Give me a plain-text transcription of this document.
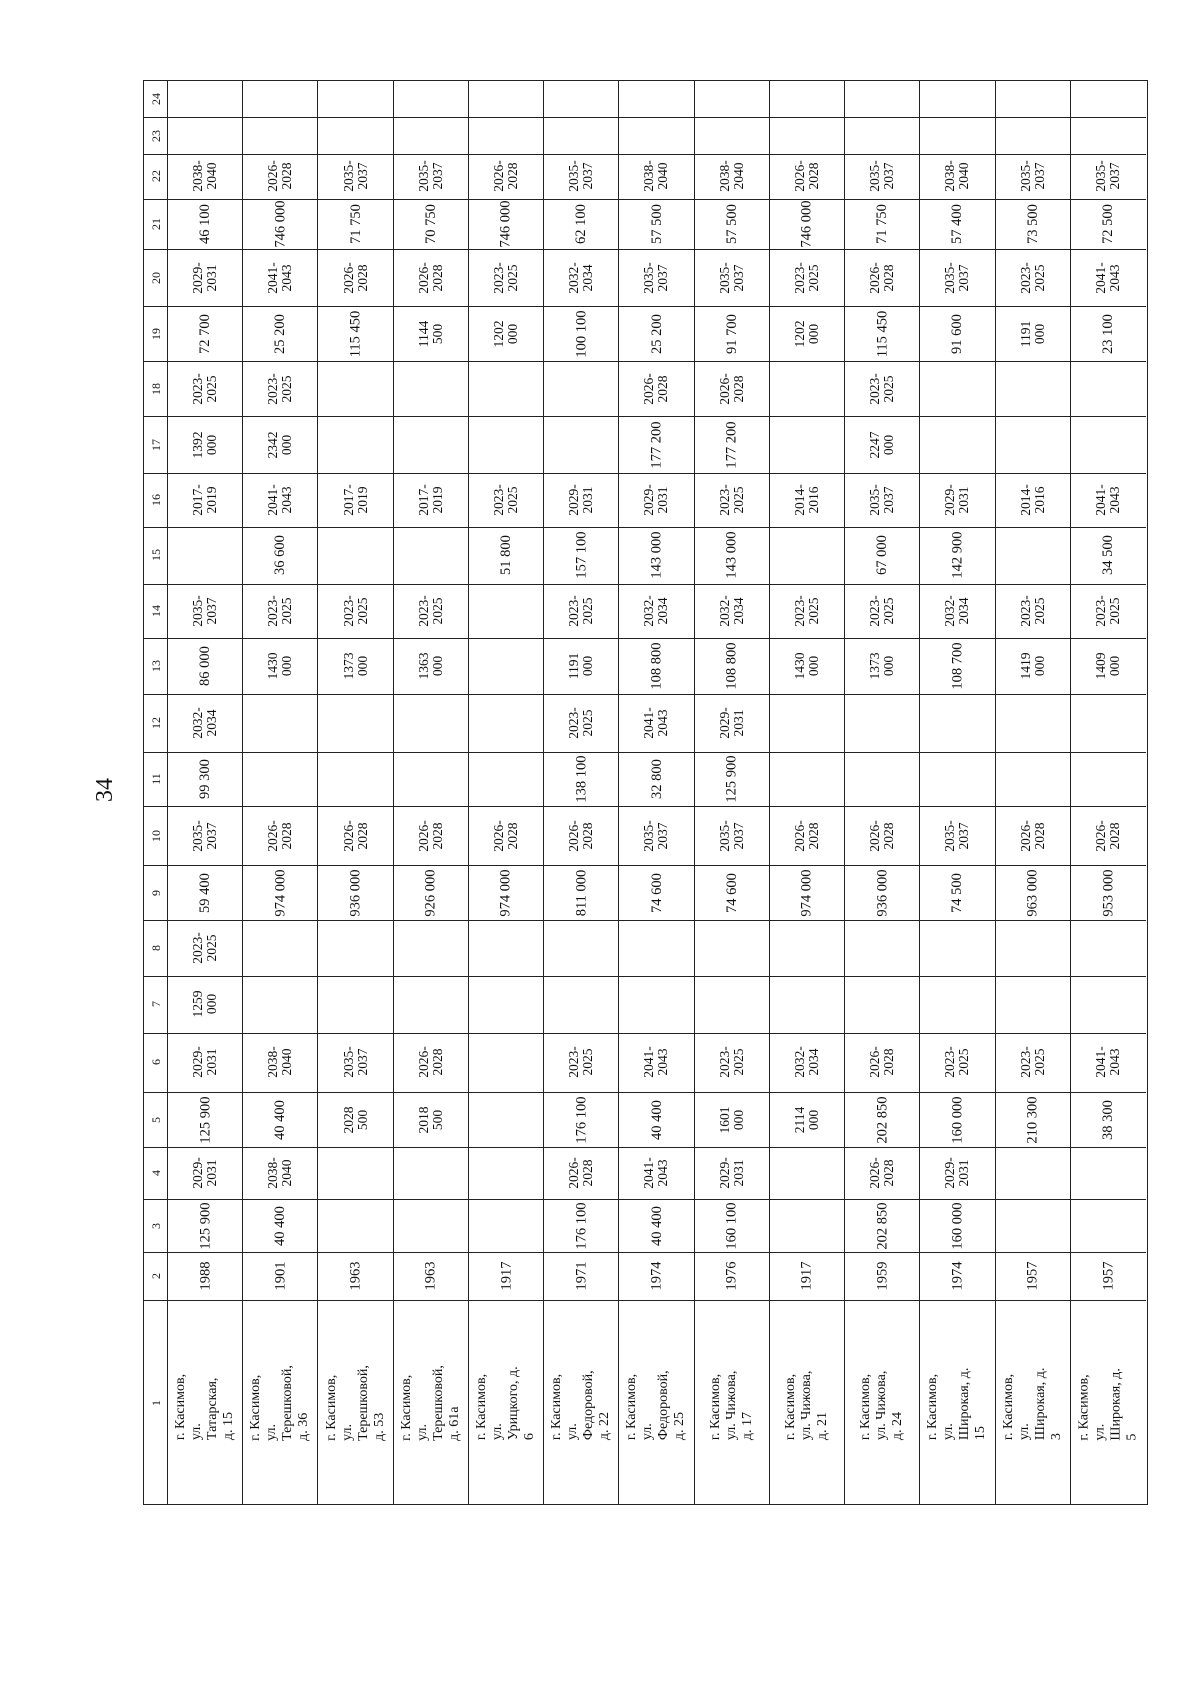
34
1
2
3
4
5
6
7
8
9
10
11
12
13
14
15
16
17
18
19
20
21
22
23
24
г. Касимов, ул. Татарская, д. 15
1988
125 900
2029-2031
125 900
2029-2031
1259 000
2023-2025
59 400
2035-2037
99 300
2032-2034
86 000
2035-2037
2017-2019
1392 000
2023-2025
72 700
2029-2031
46 100
2038-2040
г. Касимов, ул. Терешковой, д. 36
1901
40 400
2038-2040
40 400
2038-2040
974 000
2026-2028
1430 000
2023-2025
36 600
2041-2043
2342 000
2023-2025
25 200
2041-2043
746 000
2026-2028
г. Касимов, ул. Терешковой, д. 53
1963
2028 500
2035-2037
936 000
2026-2028
1373 000
2023-2025
2017-2019
115 450
2026-2028
71 750
2035-2037
г. Касимов, ул. Терешковой, д. 61а
1963
2018 500
2026-2028
926 000
2026-2028
1363 000
2023-2025
2017-2019
1144 500
2026-2028
70 750
2035-2037
г. Касимов, ул. Урицкого, д. 6
1917
974 000
2026-2028
51 800
2023-2025
1202 000
2023-2025
746 000
2026-2028
г. Касимов, ул. Федоровой, д. 22
1971
176 100
2026-2028
176 100
2023-2025
811 000
2026-2028
138 100
2023-2025
1191 000
2023-2025
157 100
2029-2031
100 100
2032-2034
62 100
2035-2037
г. Касимов, ул. Федоровой, д. 25
1974
40 400
2041-2043
40 400
2041-2043
74 600
2035-2037
32 800
2041-2043
108 800
2032-2034
143 000
2029-2031
177 200
2026-2028
25 200
2035-2037
57 500
2038-2040
г. Касимов, ул. Чижова, д. 17
1976
160 100
2029-2031
1601 000
2023-2025
74 600
2035-2037
125 900
2029-2031
108 800
2032-2034
143 000
2023-2025
177 200
2026-2028
91 700
2035-2037
57 500
2038-2040
г. Касимов, ул. Чижова, д. 21
1917
2114 000
2032-2034
974 000
2026-2028
1430 000
2023-2025
2014-2016
1202 000
2023-2025
746 000
2026-2028
г. Касимов, ул. Чижова, д. 24
1959
202 850
2026-2028
202 850
2026-2028
936 000
2026-2028
1373 000
2023-2025
67 000
2035-2037
2247 000
2023-2025
115 450
2026-2028
71 750
2035-2037
г. Касимов, ул. Широкая, д. 15
1974
160 000
2029-2031
160 000
2023-2025
74 500
2035-2037
108 700
2032-2034
142 900
2029-2031
91 600
2035-2037
57 400
2038-2040
г. Касимов, ул. Широкая, д. 3
1957
210 300
2023-2025
963 000
2026-2028
1419 000
2023-2025
2014-2016
1191 000
2023-2025
73 500
2035-2037
г. Касимов, ул. Широкая, д. 5
1957
38 300
2041-2043
953 000
2026-2028
1409 000
2023-2025
34 500
2041-2043
23 100
2041-2043
72 500
2035-2037
